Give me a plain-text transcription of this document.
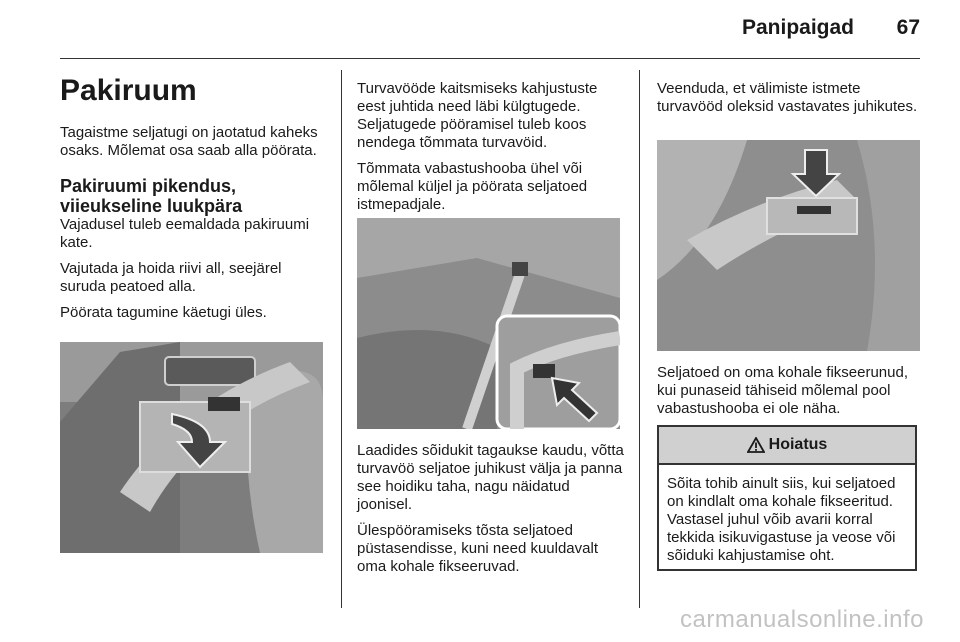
Panipaigad 67
Pakiruum

Tagaistme seljatugi on jaotatud kaheks osaks. Mõlemat osa saab alla pöörata.

Pakiruumi pikendus,
viieukseline luukpära

Vajadusel tuleb eemaldada pakiruumi kate.

Vajutada ja hoida riivi all, seejärel suruda peatoed alla.

Pöörata tagumine käetugi üles.

Turvavööde kaitsmiseks kahjustuste eest juhtida need läbi külgtugede. Seljatugede pööramisel tuleb koos nendega tõmmata turvavöid.

Tõmmata vabastushooba ühel või mõlemal küljel ja pöörata seljatoed istmepadjale.

Laadides sõidukit tagaukse kaudu, võtta turvavöö seljatoe juhikust välja ja panna see hoidiku taha, nagu näidatud joonisel.

Ülespööramiseks tõsta seljatoed püstasendisse, kuni need kuuldavalt oma kohale fikseeruvad.

Veenduda, et välimiste istmete turvavööd oleksid vastavates juhikutes.

Seljatoed on oma kohale fikseerunud, kui punaseid tähiseid mõlemal pool vabastushooba ei ole näha.

Hoiatus
Sõita tohib ainult siis, kui seljatoed on kindlalt oma kohale fikseeritud. Vastasel juhul võib avarii korral tekkida isikuvigastuse ja veose või sõiduki kahjustamise oht.
carmanualsonline.info
